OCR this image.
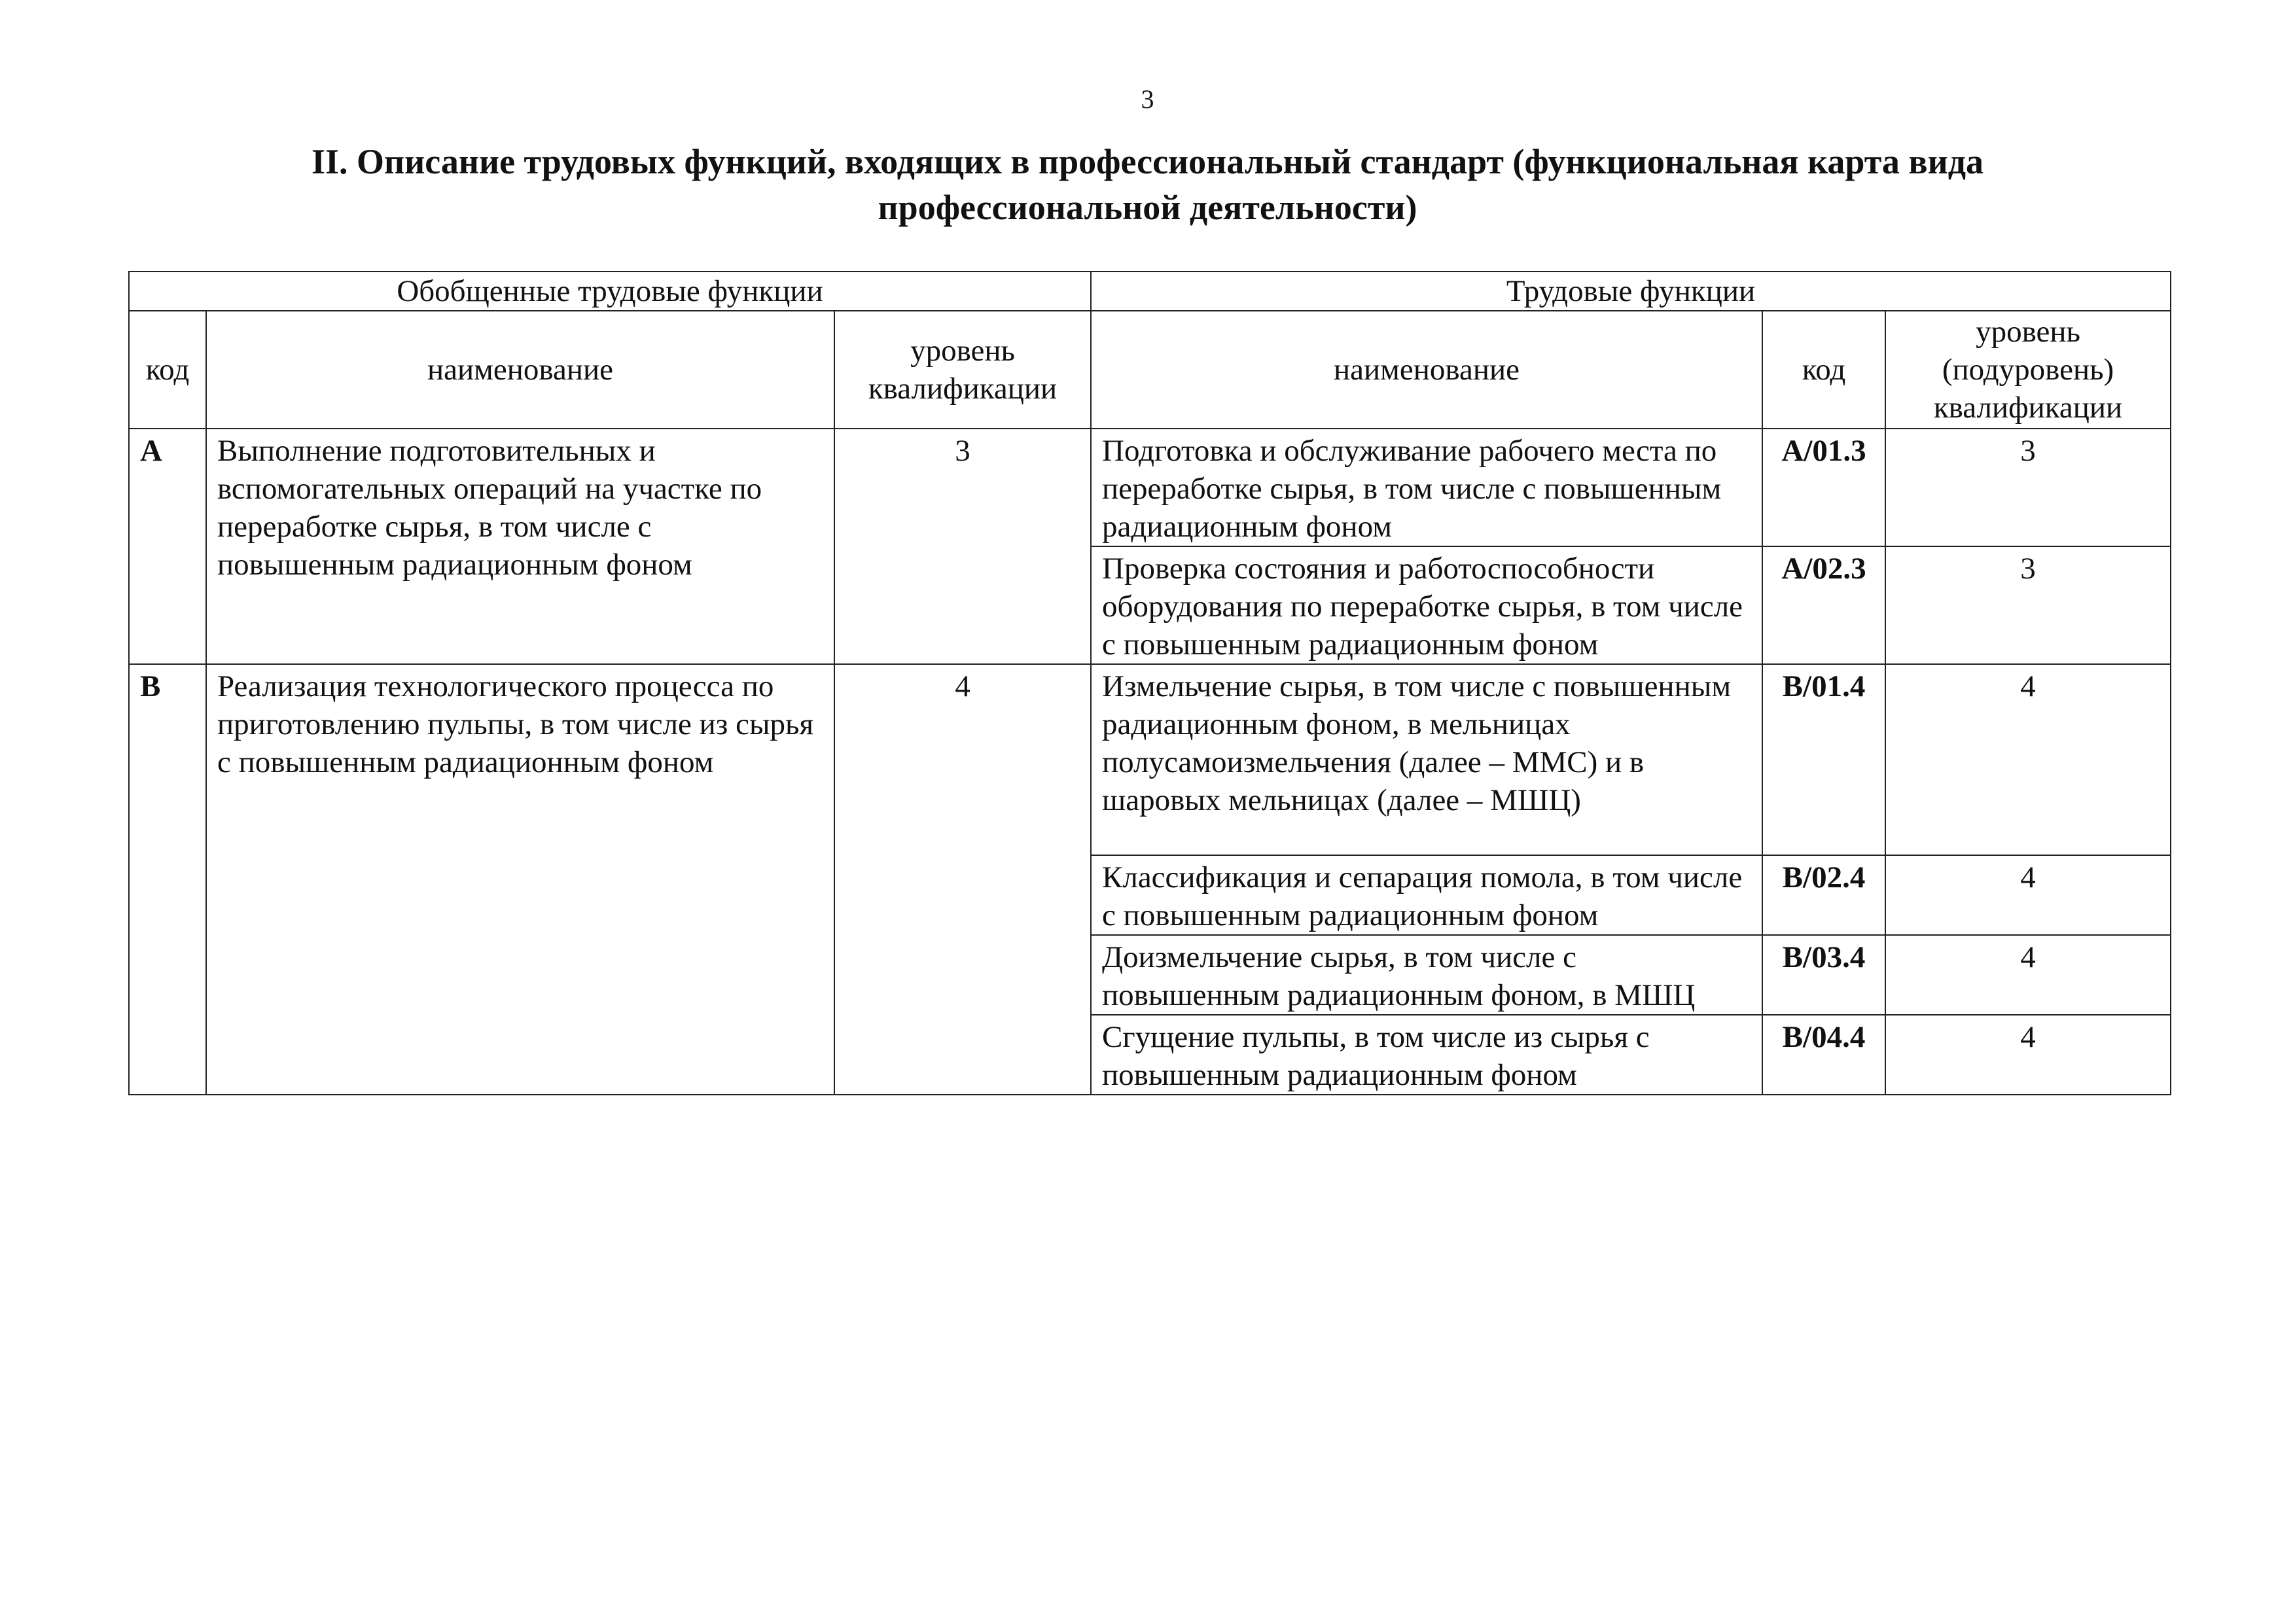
3
II. Описание трудовых функций, входящих в профессиональный стандарт (функциональная карта вида
профессиональной деятельности)
Обобщенные трудовые функции			Трудовые функции		
код	наименование	уровень квалификации	наименование	код	уровень (подуровень) квалификации
A	Выполнение подготовительных и вспомогательных операций на участке по переработке сырья, в том числе с повышенным радиационным фоном	3	Подготовка и обслуживание рабочего места по переработке сырья, в том числе с повышенным радиационным фоном	A/01.3	3
			Проверка состояния и работоспособности оборудования по переработке сырья, в том числе с повышенным радиационным фоном	A/02.3	3
B	Реализация технологического процесса по приготовлению пульпы, в том числе из сырья с повышенным радиационным фоном	4	Измельчение сырья, в том числе с повышенным радиационным фоном, в мельницах полусамоизмельчения (далее – ММС) и в шаровых мельницах (далее – МШЦ)	B/01.4	4
			Классификация и сепарация помола, в том числе с повышенным радиационным фоном	B/02.4	4
			Доизмельчение сырья, в том числе с повышенным радиационным фоном, в МШЦ	B/03.4	4
			Сгущение пульпы, в том числе из сырья с повышенным радиационным фоном	B/04.4	4
